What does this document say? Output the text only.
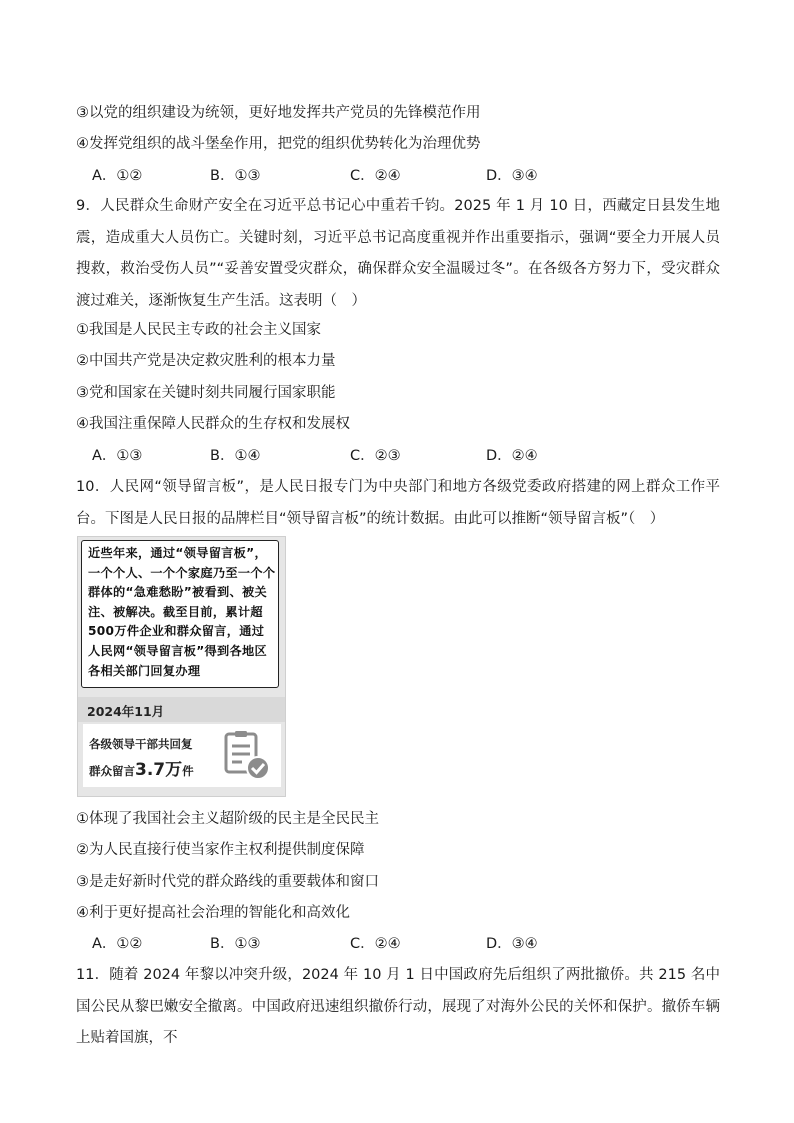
③以党的组织建设为统领，更好地发挥共产党员的先锋模范作用
④发挥党组织的战斗堡垒作用，把党的组织优势转化为治理优势
A．①②	B．①③	C．②④	D．③④
9．人民群众生命财产安全在习近平总书记心中重若千钧。2025 年 1 月 10 日，西藏定日县发生地震，造成重大人员伤亡。关键时刻，习近平总书记高度重视并作出重要指示，强调“要全力开展人员搜救，救治受伤人员”“妥善安置受灾群众，确保群众安全温暖过冬”。在各级各方努力下，受灾群众渡过难关，逐渐恢复生产生活。这表明（　）
①我国是人民民主专政的社会主义国家
②中国共产党是决定救灾胜利的根本力量
③党和国家在关键时刻共同履行国家职能
④我国注重保障人民群众的生存权和发展权
A．①③	B．①④	C．②③	D．②④
10．人民网“领导留言板”，是人民日报专门为中央部门和地方各级党委政府搭建的网上群众工作平台。下图是人民日报的品牌栏目“领导留言板”的统计数据。由此可以推断“领导留言板”（　）
近些年来，通过“领导留言板”，一个个人、一个个家庭乃至一个个群体的“急难愁盼”被看到、被关注、被解决。截至目前，累计超500万件企业和群众留言，通过人民网“领导留言板”得到各地区各相关部门回复办理
2024年11月
各级领导干部共回复
群众留言3.7万件
①体现了我国社会主义超阶级的民主是全民民主
②为人民直接行使当家作主权利提供制度保障
③是走好新时代党的群众路线的重要载体和窗口
④利于更好提高社会治理的智能化和高效化
A．①②	B．①③	C．②④	D．③④
11．随着 2024 年黎以冲突升级，2024 年 10 月 1 日中国政府先后组织了两批撤侨。共 215 名中国公民从黎巴嫩安全撤离。中国政府迅速组织撤侨行动，展现了对海外公民的关怀和保护。撤侨车辆上贴着国旗，不
